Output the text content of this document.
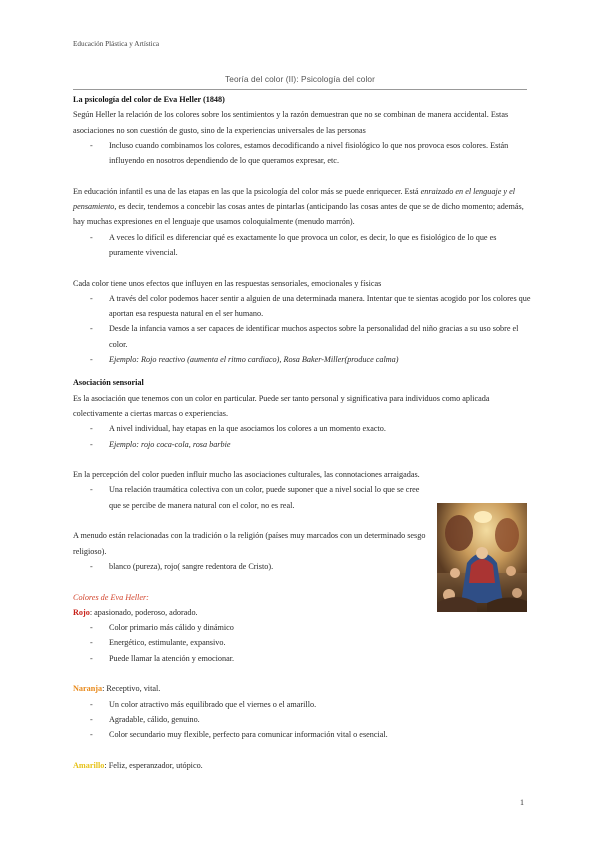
Educación Plástica y Artística
Teoría del color (II): Psicología del color

La psicología del color de Eva Heller (1848)

Según Heller la relación de los colores sobre los sentimientos y la razón demuestran que no se combinan de manera accidental. Estas asociaciones no son cuestión de gusto, sino de la experiencias universales de las personas

- Incluso cuando combinamos los colores, estamos decodificando a nivel fisiológico lo que nos provoca esos colores. Están influyendo en nosotros dependiendo de lo que queramos expresar, etc.

En educación infantil es una de las etapas en las que la psicología del color más se puede enriquecer. Está enraizado en el lenguaje y el pensamiento, es decir, tendemos a concebir las cosas antes de pintarlas (anticipando las cosas antes de que se de dicho momento; además, hay muchas expresiones en el lenguaje que usamos coloquialmente (menudo marrón).

- A veces lo difícil es diferenciar qué es exactamente lo que provoca un color, es decir, lo que es fisiológico de lo que es puramente vivencial.

Cada color tiene unos efectos que influyen en las respuestas sensoriales, emocionales y físicas

- A través del color podemos hacer sentir a alguien de una determinada manera. Intentar que te sientas acogido por los colores que aportan esa respuesta natural en el ser humano.
- Desde la infancia vamos a ser capaces de identificar muchos aspectos sobre la personalidad del niño gracias a su uso sobre el color.
- Ejemplo: Rojo reactivo (aumenta el ritmo cardiaco), Rosa Baker-Miller(produce calma)

Asociación sensorial

Es la asociación que tenemos con un color en particular. Puede ser tanto personal y significativa para individuos como aplicada colectivamente a ciertas marcas o experiencias.

- A nivel individual, hay etapas en la que asociamos los colores a un momento exacto.
- Ejemplo: rojo coca-cola, rosa barbie

En la percepción del color pueden influir mucho las asociaciones culturales, las connotaciones arraigadas.

- Una relación traumática colectiva con un color, puede suponer que a nivel social lo que se cree que se percibe de manera natural con el color, no es real.

A menudo están relacionadas con la tradición o la religión (países muy marcados con un determinado sesgo religioso).

- blanco (pureza), rojo( sangre redentora de Cristo).

Colores de Eva Heller:

Rojo: apasionado, poderoso, adorado.

- Color primario más cálido y dinámico
- Energético, estimulante, expansivo.
- Puede llamar la atención y emocionar.

Naranja: Receptivo, vital.

- Un color atractivo más equilibrado que el viernes o el amarillo.
- Agradable, cálido, genuino.
- Color secundario muy flexible, perfecto para comunicar información vital o esencial.

Amarillo: Feliz, esperanzador, utópico.

1
